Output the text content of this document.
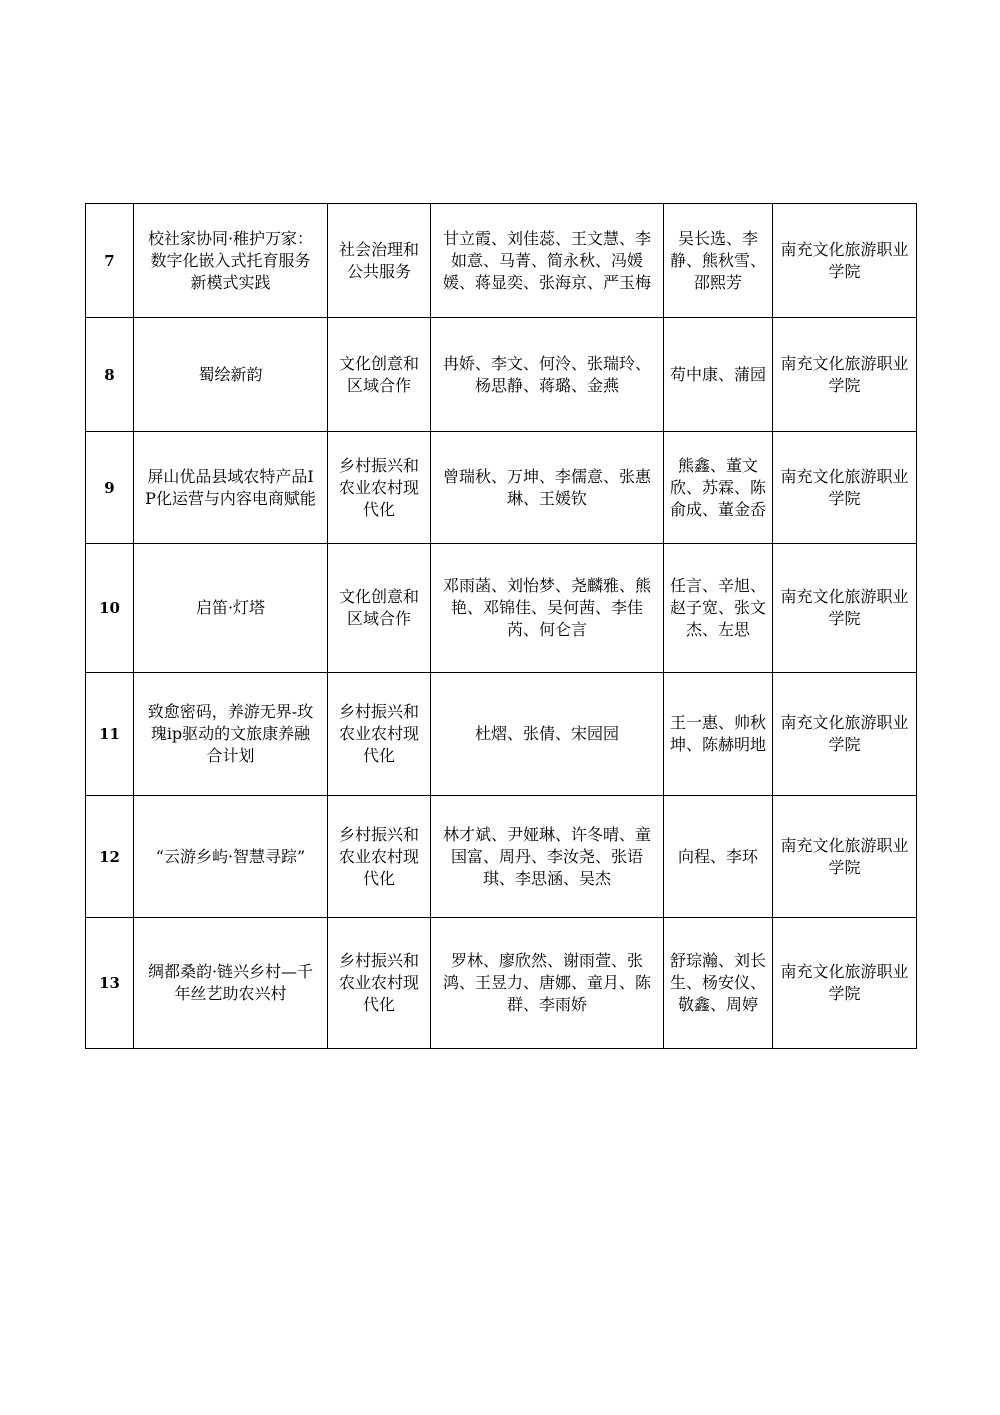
7	校社家协同·稚护万家：数字化嵌入式托育服务新模式实践	社会治理和公共服务	甘立霞、刘佳蕊、王文慧、李如意、马菁、简永秋、冯媛媛、蒋显奕、张海京、严玉梅	吴长选、李静、熊秋雪、邵熙芳	南充文化旅游职业学院
8	蜀绘新韵	文化创意和区域合作	冉娇、李文、何泠、张瑞玲、杨思静、蒋璐、金燕	苟中康、蒲园	南充文化旅游职业学院
9	屏山优品县域农特产品IP化运营与内容电商赋能	乡村振兴和农业农村现代化	曾瑞秋、万坤、李儒意、张惠琳、王媛钦	熊鑫、董文欣、苏霖、陈俞成、董金岙	南充文化旅游职业学院
10	启笛·灯塔	文化创意和区域合作	邓雨菡、刘怡梦、尧麟雅、熊艳、邓锦佳、吴何茜、李佳芮、何仑言	任言、辛旭、赵子宽、张文杰、左思	南充文化旅游职业学院
11	致愈密码，养游无界-玫瑰ip驱动的文旅康养融合计划	乡村振兴和农业农村现代化	杜熠、张倩、宋园园	王一惠、帅秋坤、陈赫明地	南充文化旅游职业学院
12	“云游乡屿·智慧寻踪”	乡村振兴和农业农村现代化	林才斌、尹娅琳、许冬晴、童国富、周丹、李汝尧、张语琪、李思涵、吴杰	向程、李环	南充文化旅游职业学院
13	绸都桑韵·链兴乡村—千年丝艺助农兴村	乡村振兴和农业农村现代化	罗林、廖欣然、谢雨萱、张鸿、王昱力、唐娜、童月、陈群、李雨娇	舒琮瀚、刘长生、杨安仪、敬鑫、周婷	南充文化旅游职业学院
